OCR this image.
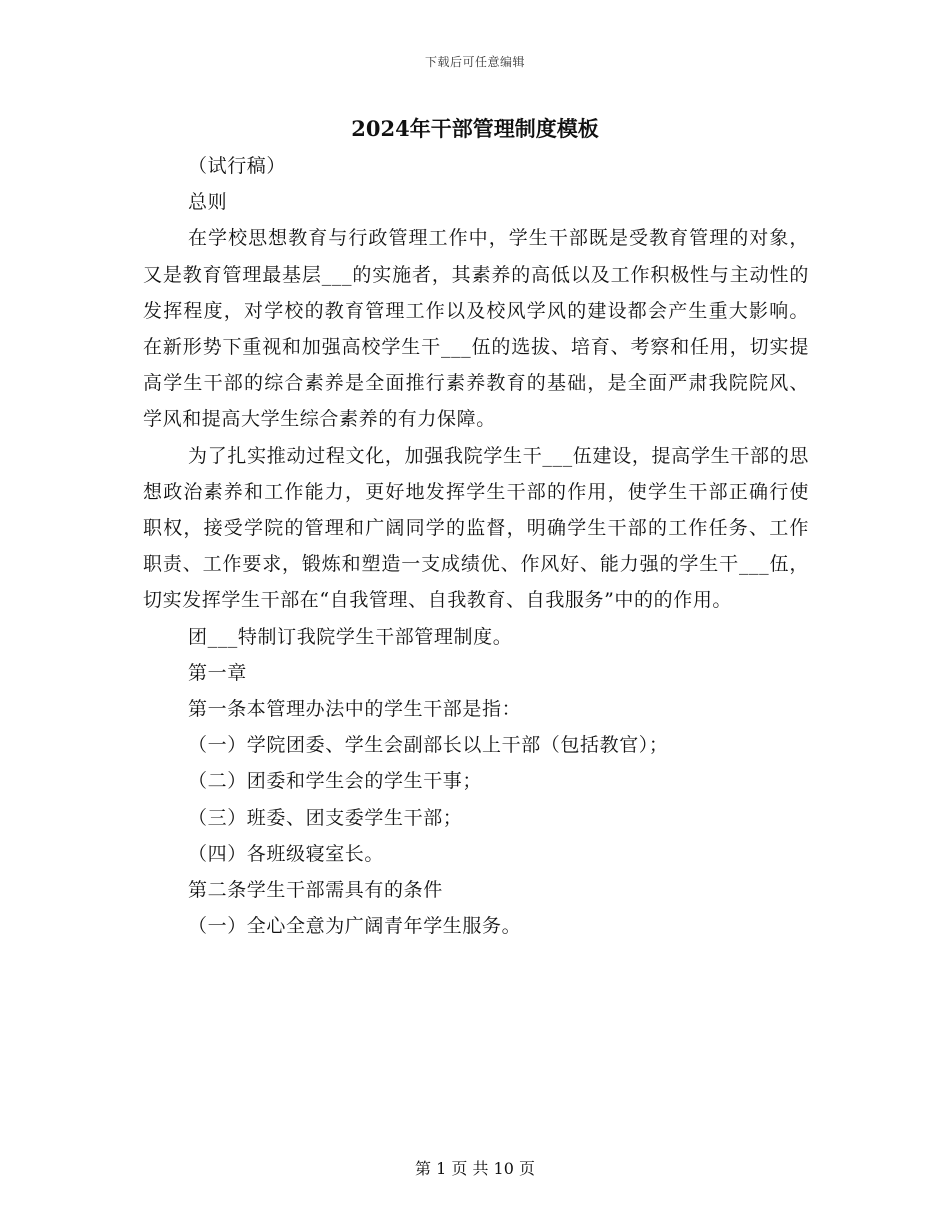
下载后可任意编辑
2024年干部管理制度模板

（试行稿）

总则

在学校思想教育与行政管理工作中，学生干部既是受教育管理的对象，又是教育管理最基层___的实施者，其素养的高低以及工作积极性与主动性的发挥程度，对学校的教育管理工作以及校风学风的建设都会产生重大影响。在新形势下重视和加强高校学生干___伍的选拔、培育、考察和任用，切实提高学生干部的综合素养是全面推行素养教育的基础，是全面严肃我院院风、学风和提高大学生综合素养的有力保障。

为了扎实推动过程文化，加强我院学生干___伍建设，提高学生干部的思想政治素养和工作能力，更好地发挥学生干部的作用，使学生干部正确行使职权，接受学院的管理和广阔同学的监督，明确学生干部的工作任务、工作职责、工作要求，锻炼和塑造一支成绩优、作风好、能力强的学生干___伍，切实发挥学生干部在“自我管理、自我教育、自我服务”中的的作用。

团___特制订我院学生干部管理制度。

第一章

第一条本管理办法中的学生干部是指：

（一）学院团委、学生会副部长以上干部（包括教官）；

（二）团委和学生会的学生干事；

（三）班委、团支委学生干部；

（四）各班级寝室长。

第二条学生干部需具有的条件

（一）全心全意为广阔青年学生服务。

第 1 页 共 10 页
